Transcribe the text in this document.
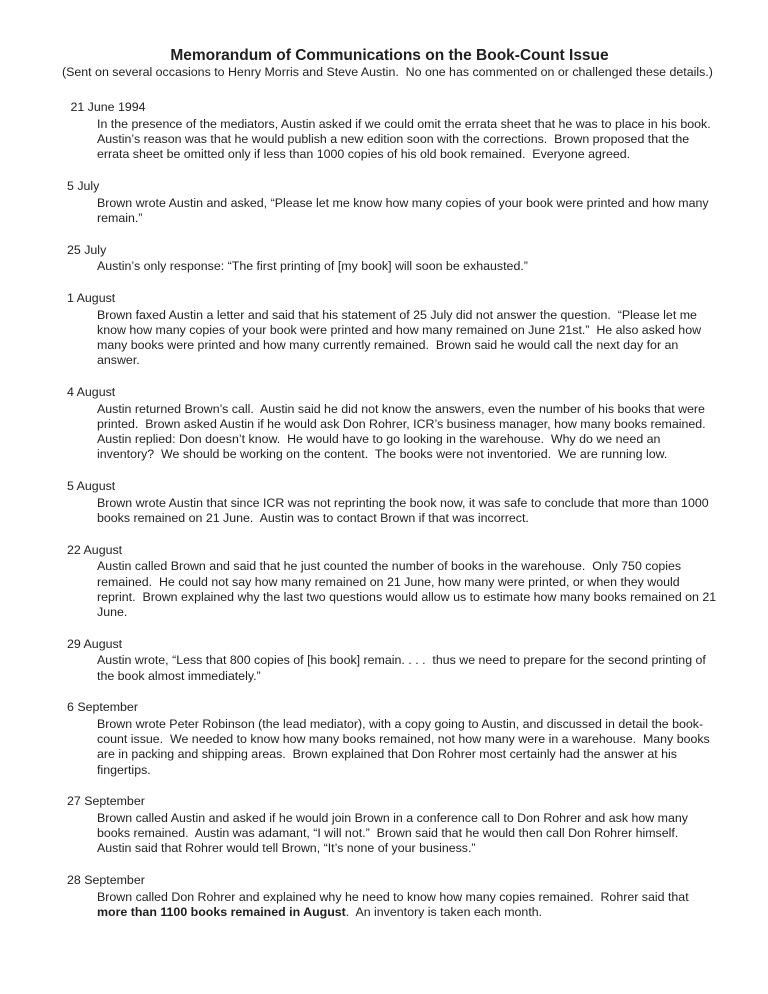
Memorandum of Communications on the Book-Count Issue

(Sent on several occasions to Henry Morris and Steve Austin.  No one has commented on or challenged these details.)

21 June 1994

In the presence of the mediators, Austin asked if we could omit the errata sheet that he was to place in his book.  Austin’s reason was that he would publish a new edition soon with the corrections.  Brown proposed that the errata sheet be omitted only if less than 1000 copies of his old book remained.  Everyone agreed.

5 July

Brown wrote Austin and asked, “Please let me know how many copies of your book were printed and how many remain.”

25 July

Austin’s only response: “The first printing of [my book] will soon be exhausted.”

1 August

Brown faxed Austin a letter and said that his statement of 25 July did not answer the question.  “Please let me know how many copies of your book were printed and how many remained on June 21st.”  He also asked how many books were printed and how many currently remained.  Brown said he would call the next day for an answer.

4 August

Austin returned Brown’s call.  Austin said he did not know the answers, even the number of his books that were printed.  Brown asked Austin if he would ask Don Rohrer, ICR’s business manager, how many books remained.  Austin replied: Don doesn’t know.  He would have to go looking in the warehouse.  Why do we need an inventory?  We should be working on the content.  The books were not inventoried.  We are running low.

5 August

Brown wrote Austin that since ICR was not reprinting the book now, it was safe to conclude that more than 1000 books remained on 21 June.  Austin was to contact Brown if that was incorrect.

22 August

Austin called Brown and said that he just counted the number of books in the warehouse.  Only 750 copies remained.  He could not say how many remained on 21 June, how many were printed, or when they would reprint.  Brown explained why the last two questions would allow us to estimate how many books remained on 21 June.

29 August

Austin wrote, “Less that 800 copies of [his book] remain. . . .  thus we need to prepare for the second printing of the book almost immediately.”

6 September

Brown wrote Peter Robinson (the lead mediator), with a copy going to Austin, and discussed in detail the book-count issue.  We needed to know how many books remained, not how many were in a warehouse.  Many books are in packing and shipping areas.  Brown explained that Don Rohrer most certainly had the answer at his fingertips.

27 September

Brown called Austin and asked if he would join Brown in a conference call to Don Rohrer and ask how many books remained.  Austin was adamant, “I will not.”  Brown said that he would then call Don Rohrer himself.  Austin said that Rohrer would tell Brown, “It’s none of your business.”

28 September

Brown called Don Rohrer and explained why he need to know how many copies remained.  Rohrer said that more than 1100 books remained in August.  An inventory is taken each month.
